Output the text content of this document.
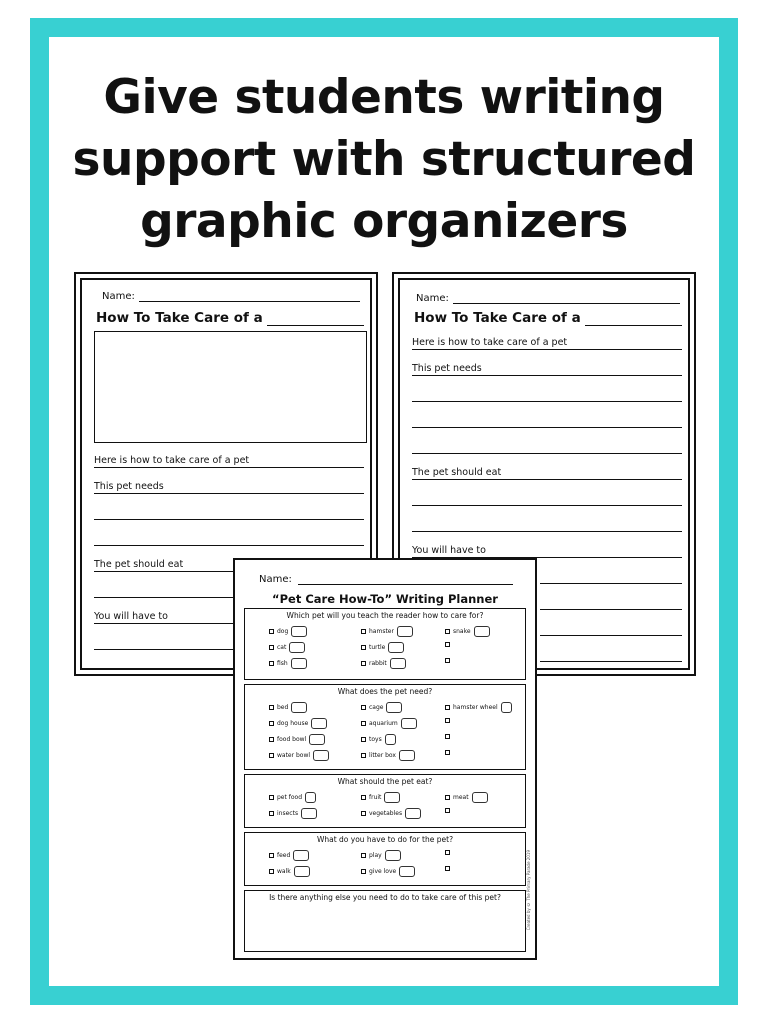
Give students writing
support with structured
graphic organizers
Name:
How To Take Care of a
Here is how to take care of a pet
This pet needs
The pet should eat
You will have to
Name:
How To Take Care of a
Here is how to take care of a pet
This pet needs
The pet should eat
You will have to
Name:
“Pet Care How-To” Writing Planner
Which pet will you teach the reader how to care for?
dog	hamster	snake
cat	turtle
fish	rabbit
What does the pet need?
bed	cage	hamster wheel
dog house	aquarium
food bowl	toys
water bowl	litter box
What should the pet eat?
pet food	fruit	meat
insects	vegetables
What do you have to do for the pet?
feed	play
walk	give love
Is there anything else you need to do to take care of this pet?	Created by © The Primary Parade 2019
